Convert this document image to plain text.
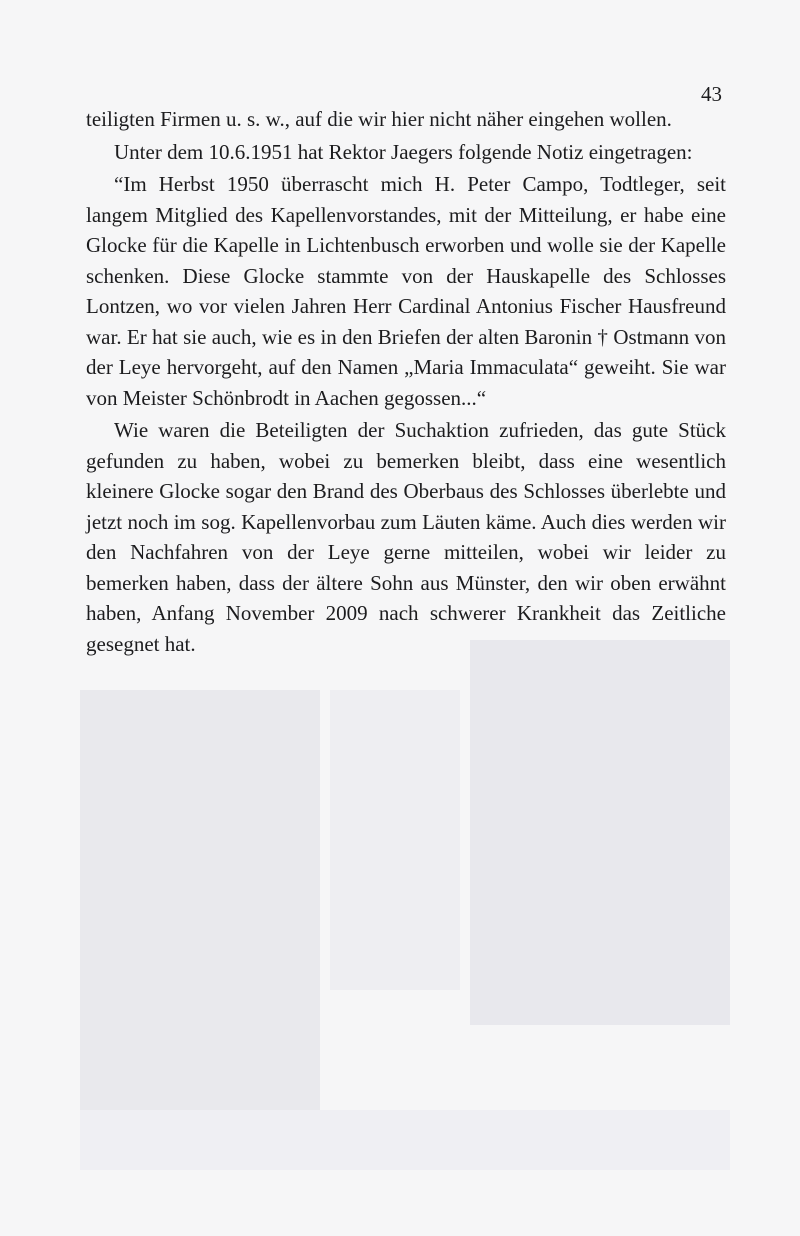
43

teiligten Firmen u. s. w., auf die wir hier nicht näher eingehen wollen.

Unter dem 10.6.1951 hat Rektor Jaegers folgende Notiz eingetragen:

“Im Herbst 1950 überrascht mich H. Peter Campo, Todtleger, seit langem Mitglied des Kapellenvorstandes, mit der Mitteilung, er habe eine Glocke für die Kapelle in Lichtenbusch erworben und wolle sie der Kapelle schenken. Diese Glocke stammte von der Hauskapelle des Schlosses Lontzen, wo vor vielen Jahren Herr Cardinal Antonius Fischer Hausfreund war. Er hat sie auch, wie es in den Briefen der alten Baronin † Ostmann von der Leye hervorgeht, auf den Namen „Maria Immaculata“ geweiht. Sie war von Meister Schönbrodt in Aachen gegossen...“

Wie waren die Beteiligten der Suchaktion zufrieden, das gute Stück gefunden zu haben, wobei zu bemerken bleibt, dass eine wesentlich kleinere Glocke sogar den Brand des Oberbaus des Schlosses überlebte und jetzt noch im sog. Kapellenvorbau zum Läuten käme. Auch dies werden wir den Nachfahren von der Leye gerne mitteilen, wobei wir leider zu bemerken haben, dass der ältere Sohn aus Münster, den wir oben erwähnt haben, Anfang November 2009 nach schwerer Krankheit das Zeitliche gesegnet hat.
